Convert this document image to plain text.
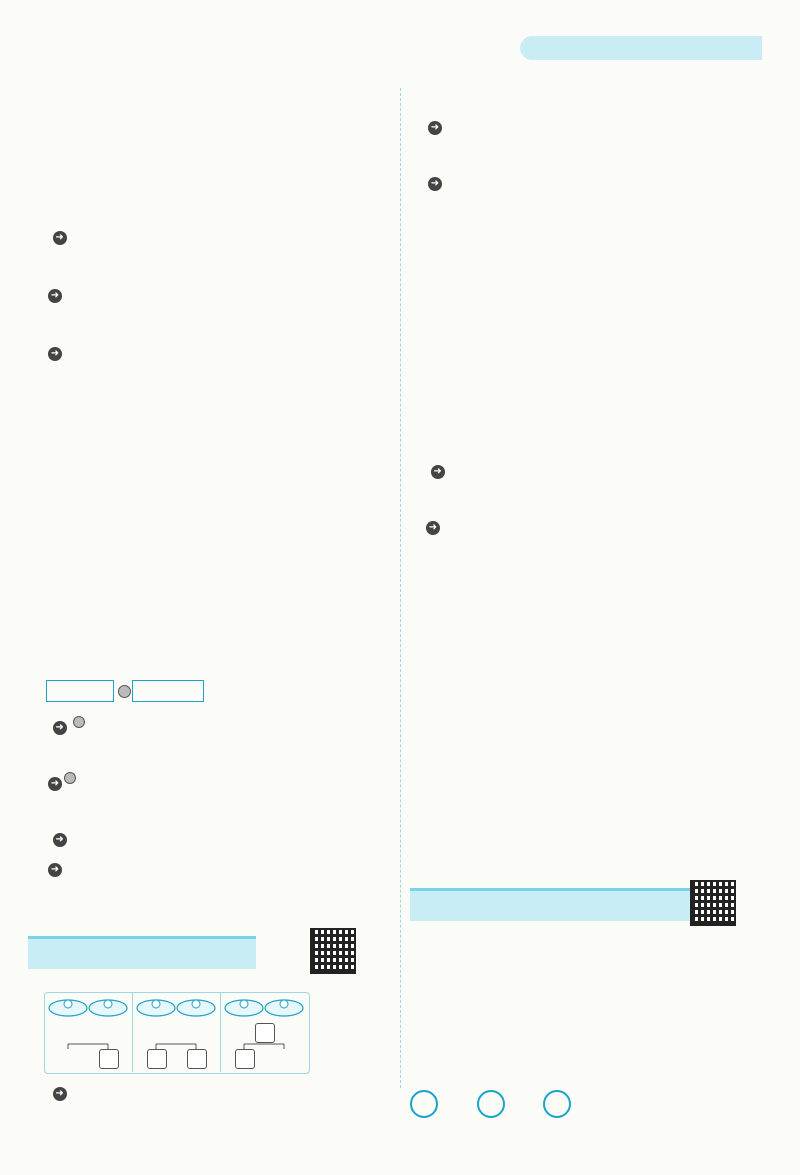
➜
➜
➜

➜
➜
➜
➜
➜
➜
➜

➜
➜
